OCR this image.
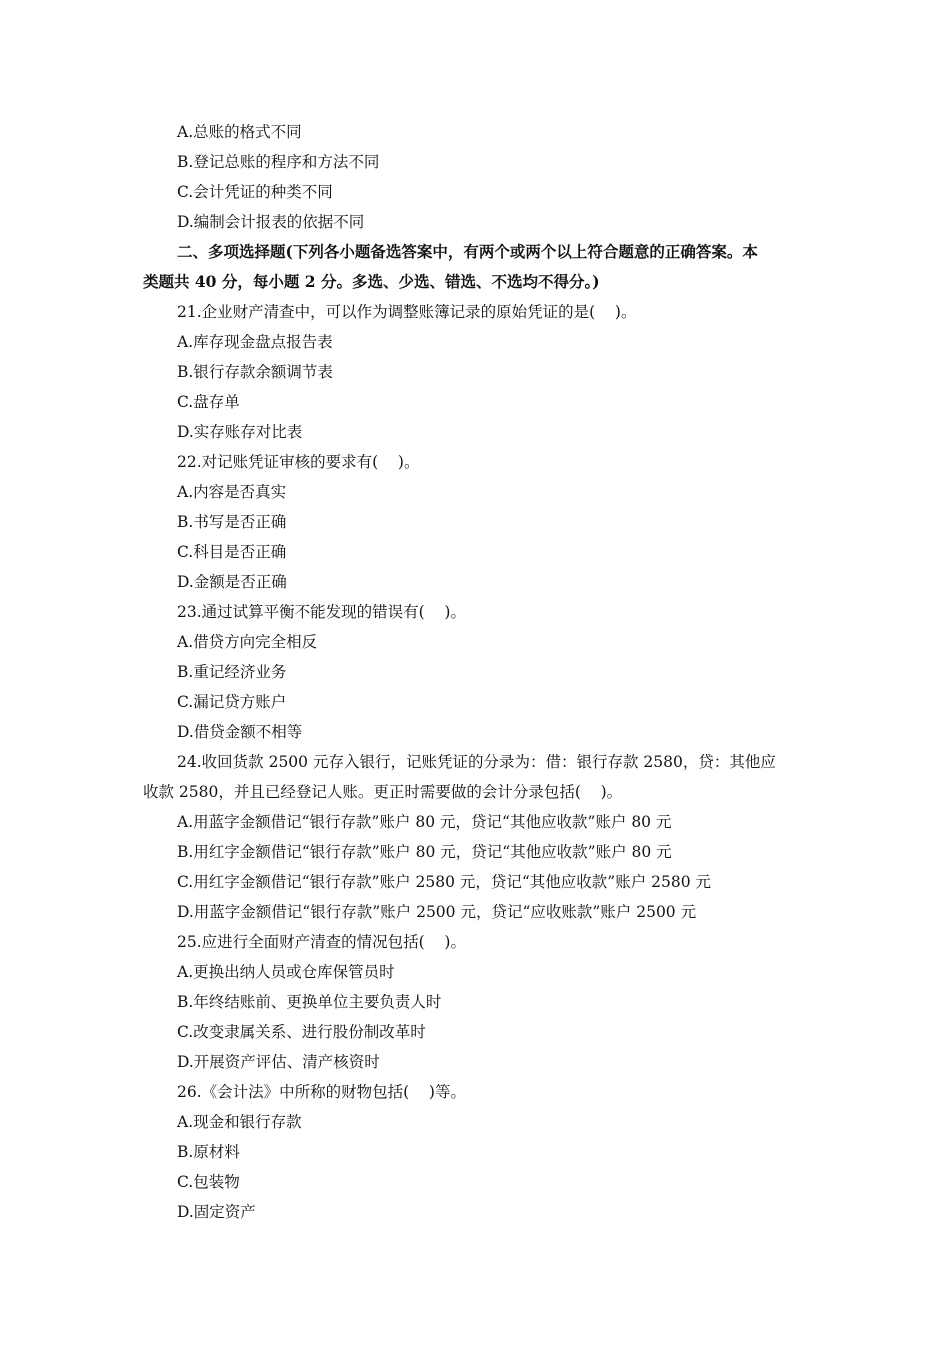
A.总账的格式不同
B.登记总账的程序和方法不同
C.会计凭证的种类不同
D.编制会计报表的依据不同
二、多项选择题(下列各小题备选答案中，有两个或两个以上符合题意的正确答案。本
类题共 40 分，每小题 2 分。多选、少选、错选、不选均不得分。)
21.企业财产清查中，可以作为调整账簿记录的原始凭证的是(    )。
A.库存现金盘点报告表
B.银行存款余额调节表
C.盘存单
D.实存账存对比表
22.对记账凭证审核的要求有(    )。
A.内容是否真实
B.书写是否正确
C.科目是否正确
D.金额是否正确
23.通过试算平衡不能发现的错误有(    )。
A.借贷方向完全相反
B.重记经济业务
C.漏记贷方账户
D.借贷金额不相等
24.收回货款 2500 元存入银行，记账凭证的分录为：借：银行存款 2580，贷：其他应
收款 2580，并且已经登记人账。更正时需要做的会计分录包括(    )。
A.用蓝字金额借记“银行存款”账户 80 元，贷记“其他应收款”账户 80 元
B.用红字金额借记“银行存款”账户 80 元，贷记“其他应收款”账户 80 元
C.用红字金额借记“银行存款”账户 2580 元，贷记“其他应收款”账户 2580 元
D.用蓝字金额借记“银行存款”账户 2500 元，贷记“应收账款”账户 2500 元
25.应进行全面财产清查的情况包括(    )。
A.更换出纳人员或仓库保管员时
B.年终结账前、更换单位主要负责人时
C.改变隶属关系、进行股份制改革时
D.开展资产评估、清产核资时
26.《会计法》中所称的财物包括(    )等。
A.现金和银行存款
B.原材料
C.包装物
D.固定资产
